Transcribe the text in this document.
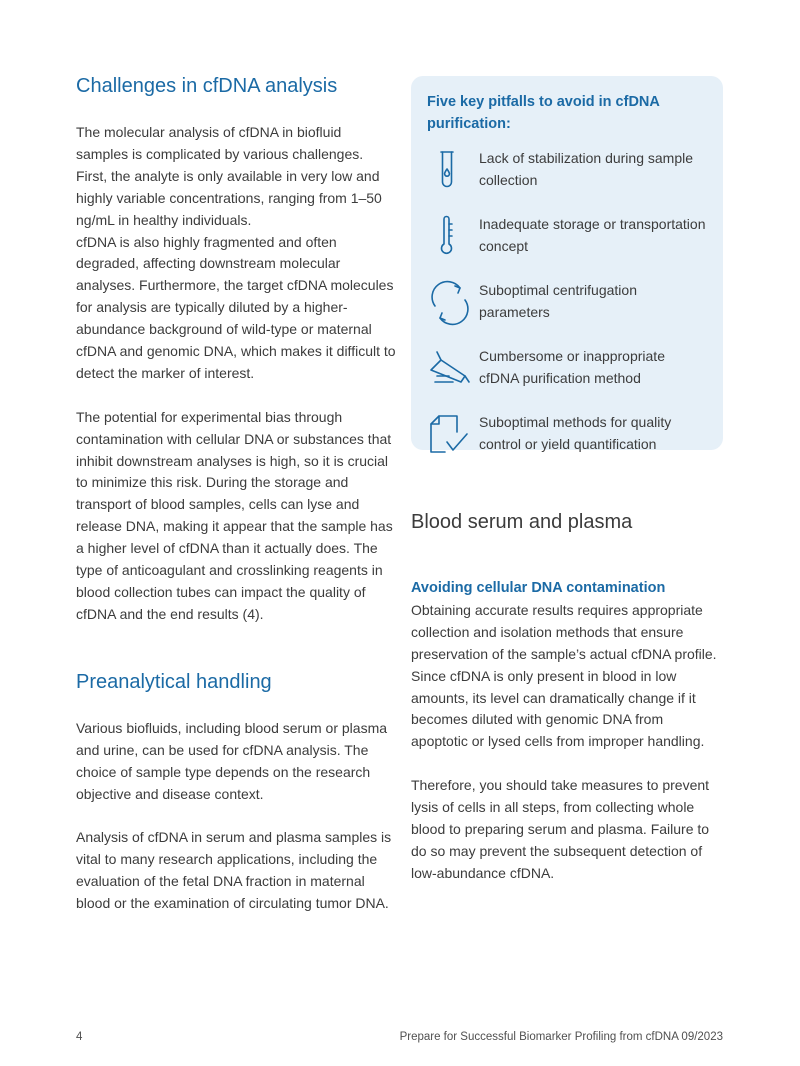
Challenges in cfDNA analysis

The molecular analysis of cfDNA in biofluid samples is complicated by various challenges. First, the analyte is only available in very low and highly variable concentrations, ranging from 1–50 ng/mL in healthy individuals.

cfDNA is also highly fragmented and often degraded, affecting downstream molecular analyses. Furthermore, the target cfDNA molecules for analysis are typically diluted by a higher-abundance background of wild-type or maternal cfDNA and genomic DNA, which makes it difficult to detect the marker of interest.

The potential for experimental bias through contamination with cellular DNA or substances that inhibit downstream analyses is high, so it is crucial to minimize this risk. During the storage and transport of blood samples, cells can lyse and release DNA, making it appear that the sample has a higher level of cfDNA than it actually does. The type of anticoagulant and crosslinking reagents in blood collection tubes can impact the quality of cfDNA and the end results (4).

Preanalytical handling

Various biofluids, including blood serum or plasma and urine, can be used for cfDNA analysis. The choice of sample type depends on the research objective and disease context.

Analysis of cfDNA in serum and plasma samples is vital to many research applications, including the evaluation of the fetal DNA fraction in maternal blood or the examination of circulating tumor DNA.

Five key pitfalls to avoid in cfDNA purification:
Lack of stabilization during sample collection
Inadequate storage or transportation concept
Suboptimal centrifugation parameters
Cumbersome or inappropriate cfDNA purification method
Suboptimal methods for quality control or yield quantification
Blood serum and plasma
Avoiding cellular DNA contamination

Obtaining accurate results requires appropriate collection and isolation methods that ensure preservation of the sample’s actual cfDNA profile. Since cfDNA is only present in blood in low amounts, its level can dramatically change if it becomes diluted with genomic DNA from apoptotic or lysed cells from improper handling.

Therefore, you should take measures to prevent lysis of cells in all steps, from collecting whole blood to preparing serum and plasma. Failure to do so may prevent the subsequent detection of low-abundance cfDNA.

4	Prepare for Successful Biomarker Profiling from cfDNA 09/2023
